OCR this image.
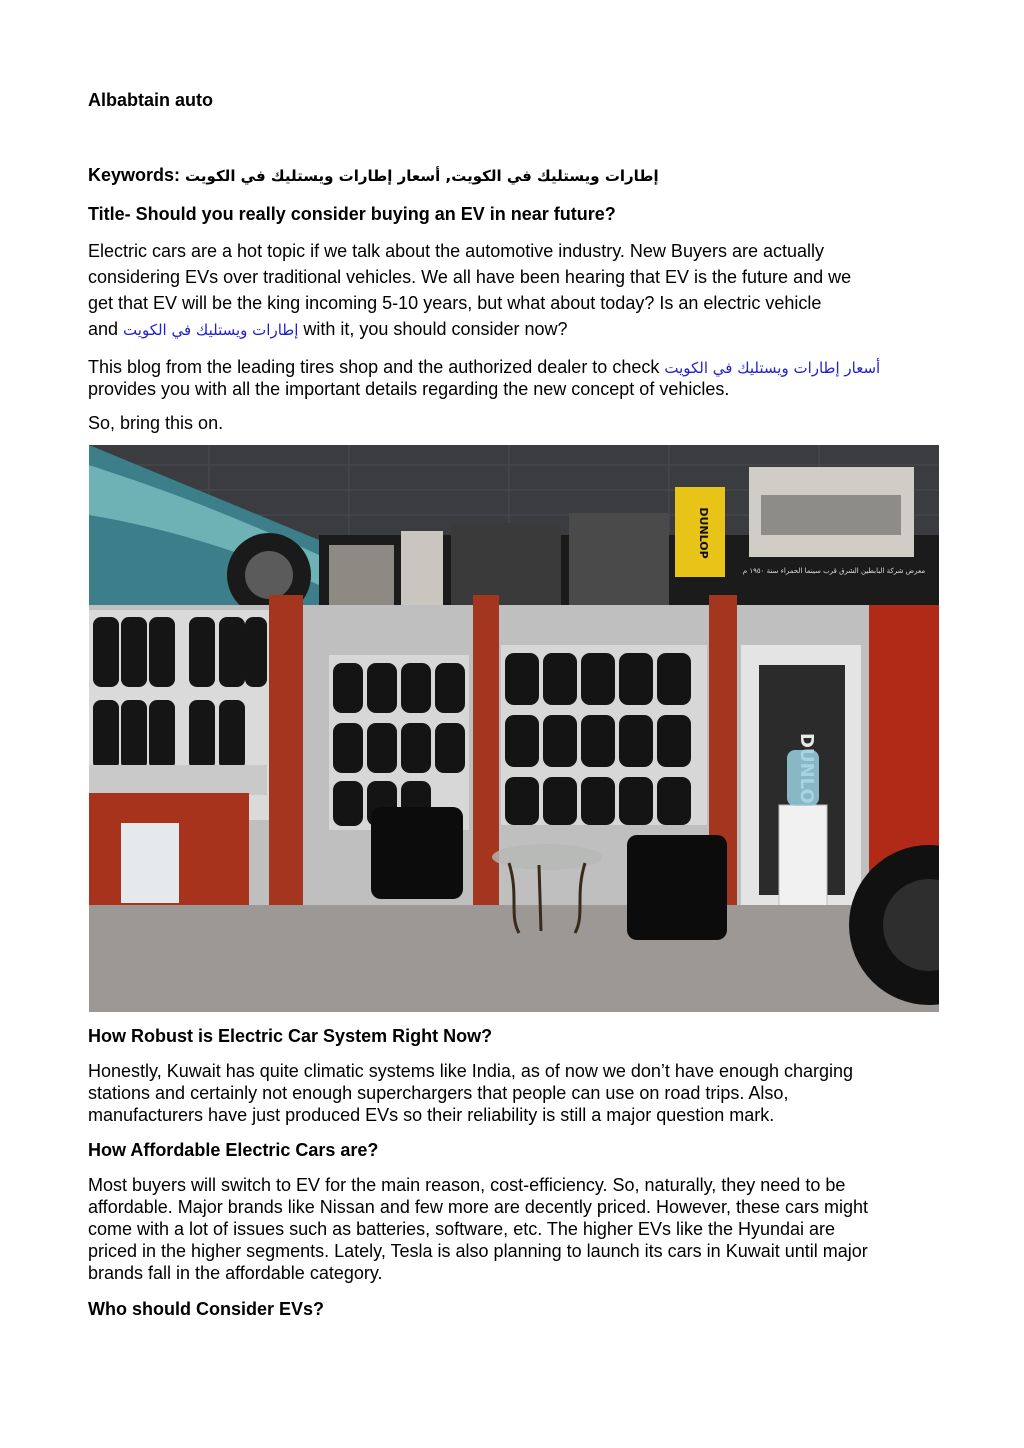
Albabtain auto

Keywords: إطارات ويستليك في الكويت, أسعار إطارات ويستليك في الكويت

Title- Should you really consider buying an EV in near future?

Electric cars are a hot topic if we talk about the automotive industry. New Buyers are actually

considering EVs over traditional vehicles. We all have been hearing that EV is the future and we

get that EV will be the king incoming 5-10 years, but what about today? Is an electric vehicle

and إطارات ويستليك في الكويت with it, you should consider now?

This blog from the leading tires shop and the authorized dealer to check أسعار إطارات ويستليك في الكويت

provides you with all the important details regarding the new concept of vehicles.

So, bring this on.

DUNLOP
معرض شركة البابطين الشرق قرب سينما الحمراء سنة ١٩٥٠ م

How Robust is Electric Car System Right Now?

Honestly, Kuwait has quite climatic systems like India, as of now we don’t have enough charging

stations and certainly not enough superchargers that people can use on road trips. Also,

manufacturers have just produced EVs so their reliability is still a major question mark.

How Affordable Electric Cars are?

Most buyers will switch to EV for the main reason, cost-efficiency. So, naturally, they need to be

affordable. Major brands like Nissan and few more are decently priced. However, these cars might

come with a lot of issues such as batteries, software, etc. The higher EVs like the Hyundai are

priced in the higher segments. Lately, Tesla is also planning to launch its cars in Kuwait until major

brands fall in the affordable category.

Who should Consider EVs?
